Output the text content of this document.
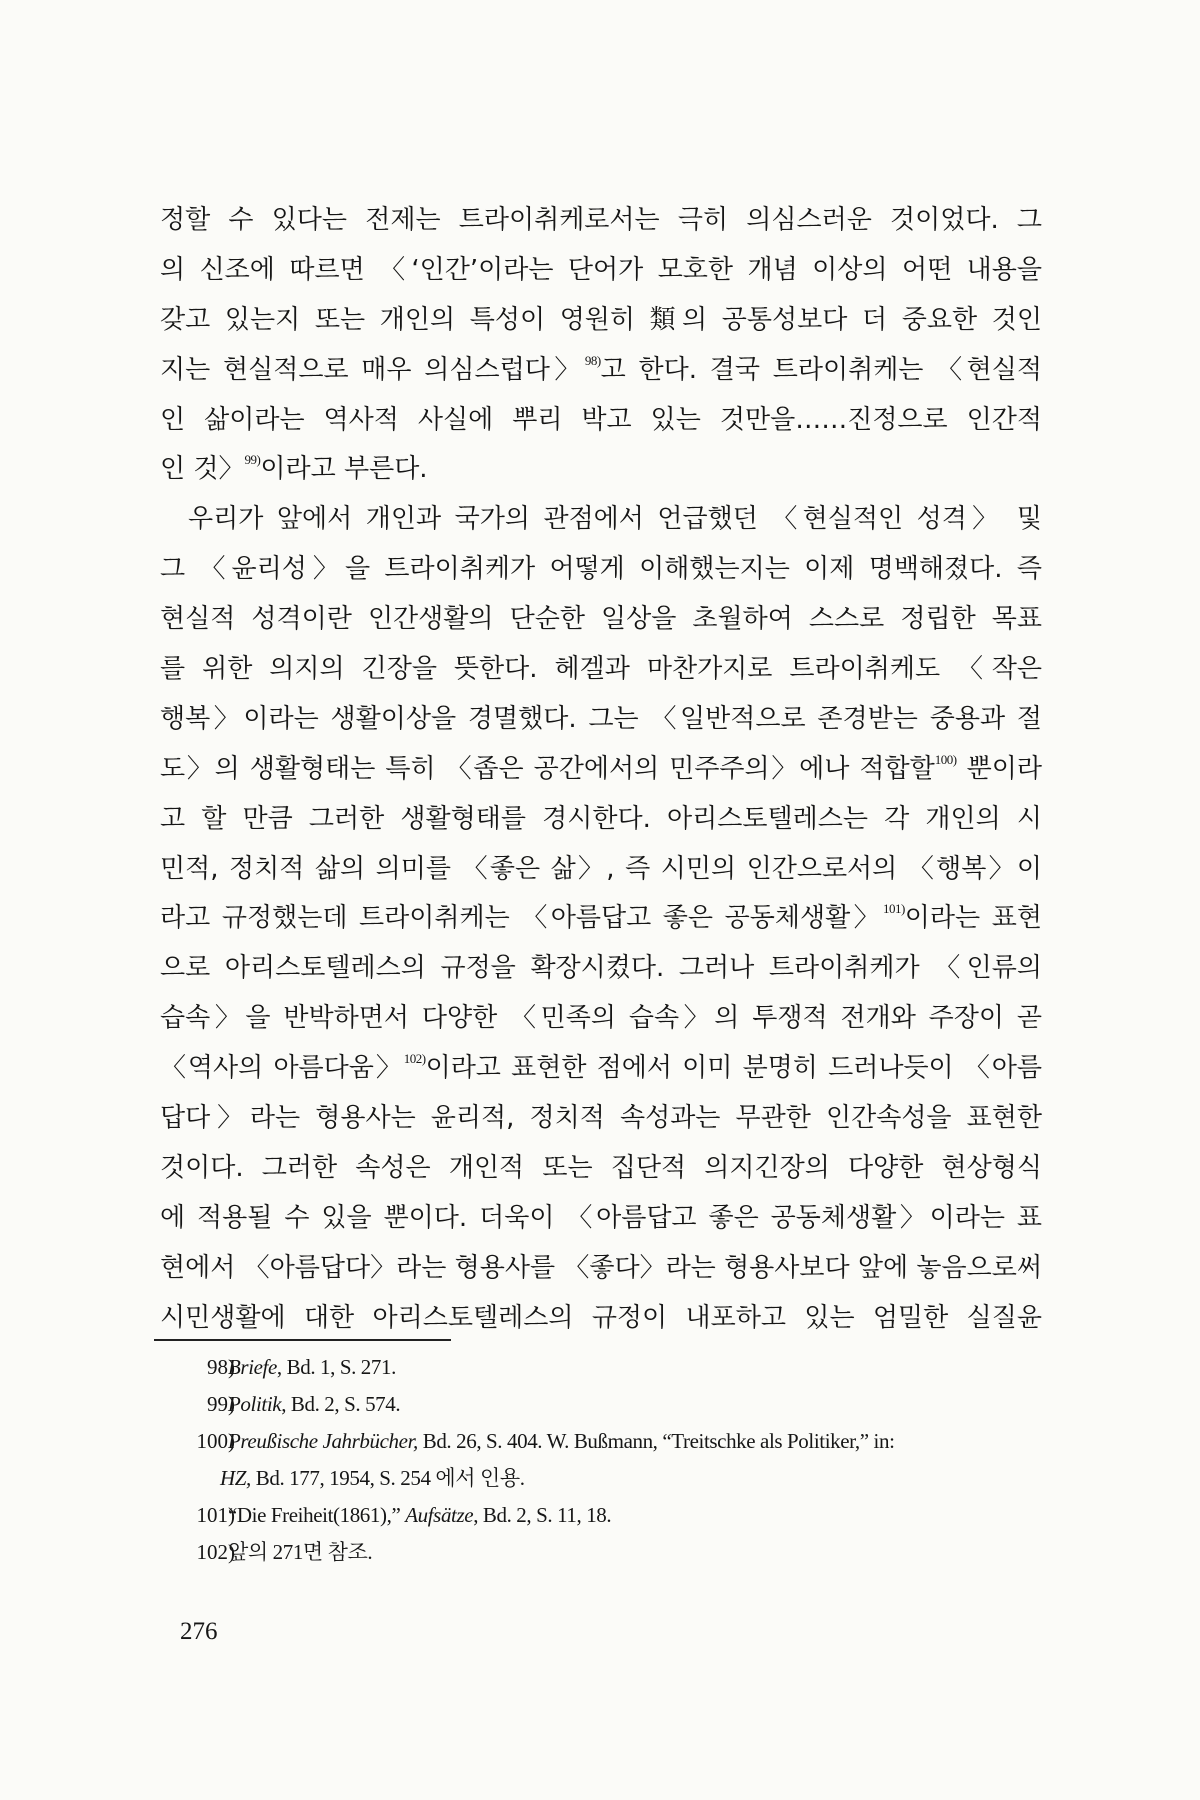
정할 수 있다는 전제는 트라이취케로서는 극히 의심스러운 것이었다. 그
의 신조에 따르면 〈‘인간’이라는 단어가 모호한 개념 이상의 어떤 내용을
갖고 있는지 또는 개인의 특성이 영원히 類의 공통성보다 더 중요한 것인
지는 현실적으로 매우 의심스럽다〉$^{98)}$고 한다. 결국 트라이취케는 〈현실적
인 삶이라는 역사적 사실에 뿌리 박고 있는 것만을……진정으로 인간적
인 것〉$^{99)}$이라고 부른다.
우리가 앞에서 개인과 국가의 관점에서 언급했던 〈현실적인 성격〉 및
그 〈윤리성〉을 트라이취케가 어떻게 이해했는지는 이제 명백해졌다. 즉
현실적 성격이란 인간생활의 단순한 일상을 초월하여 스스로 정립한 목표
를 위한 의지의 긴장을 뜻한다. 헤겔과 마찬가지로 트라이취케도 〈작은
행복〉이라는 생활이상을 경멸했다. 그는 〈일반적으로 존경받는 중용과 절
도〉의 생활형태는 특히 〈좁은 공간에서의 민주주의〉에나 적합할$^{100)}$ 뿐이라
고 할 만큼 그러한 생활형태를 경시한다. 아리스토텔레스는 각 개인의 시
민적, 정치적 삶의 의미를 〈좋은 삶〉, 즉 시민의 인간으로서의 〈행복〉이
라고 규정했는데 트라이취케는 〈아름답고 좋은 공동체생활〉$^{101)}$이라는 표현
으로 아리스토텔레스의 규정을 확장시켰다. 그러나 트라이취케가 〈인류의
습속〉을 반박하면서 다양한 〈민족의 습속〉의 투쟁적 전개와 주장이 곧
〈역사의 아름다움〉$^{102)}$이라고 표현한 점에서 이미 분명히 드러나듯이 〈아름
답다〉라는 형용사는 윤리적, 정치적 속성과는 무관한 인간속성을 표현한
것이다. 그러한 속성은 개인적 또는 집단적 의지긴장의 다양한 현상형식
에 적용될 수 있을 뿐이다. 더욱이 〈아름답고 좋은 공동체생활〉이라는 표
현에서 〈아름답다〉라는 형용사를 〈좋다〉라는 형용사보다 앞에 놓음으로써
시민생활에 대한 아리스토텔레스의 규정이 내포하고 있는 엄밀한 실질윤
98)
Briefe, Bd. 1, S. 271.
99)
Politik, Bd. 2, S. 574.
100)
Preußische Jahrbücher, Bd. 26, S. 404. W. Bußmann, “Treitschke als Politiker,” in:
HZ, Bd. 177, 1954, S. 254 에서 인용.
101)
“Die Freiheit(1861),” Aufsätze, Bd. 2, S. 11, 18.
102)
앞의 271면 참조.
276
